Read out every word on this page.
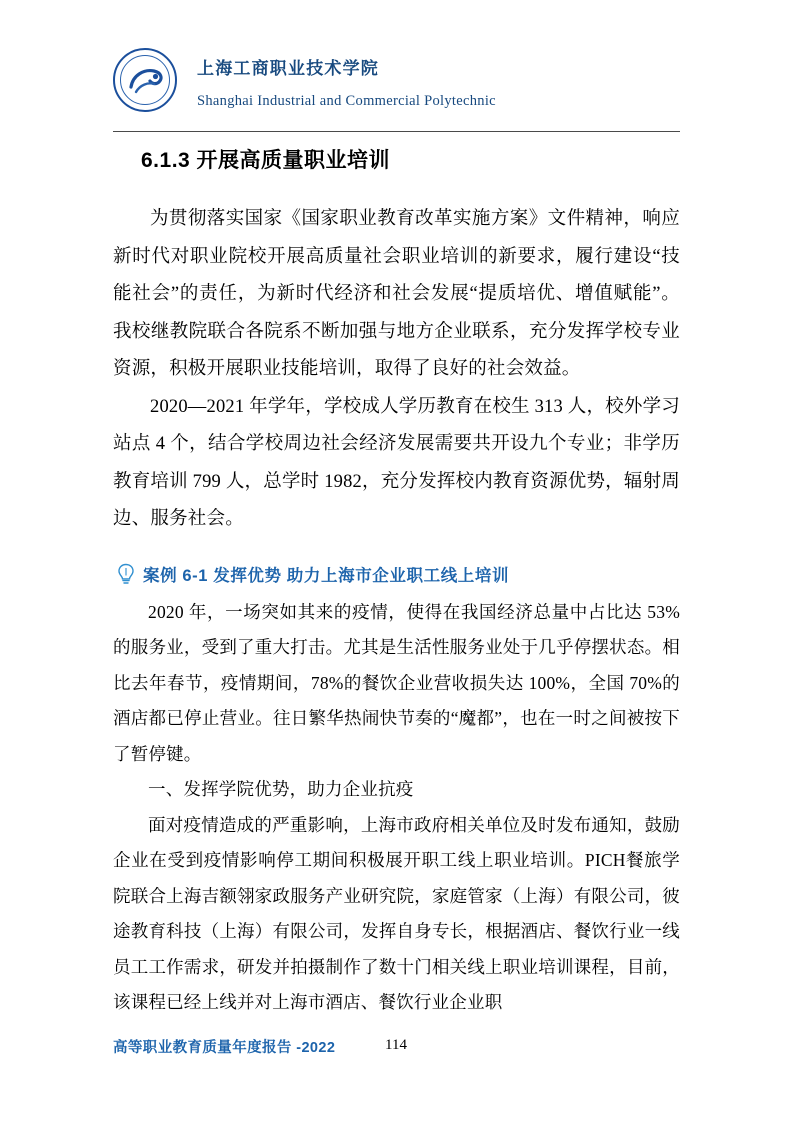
上海工商职业技术学院
Shanghai Industrial and Commercial Polytechnic
6.1.3 开展高质量职业培训

为贯彻落实国家《国家职业教育改革实施方案》文件精神，响应新时代对职业院校开展高质量社会职业培训的新要求，履行建设“技能社会”的责任，为新时代经济和社会发展“提质培优、增值赋能”。我校继教院联合各院系不断加强与地方企业联系，充分发挥学校专业资源，积极开展职业技能培训，取得了良好的社会效益。

2020—2021 年学年，学校成人学历教育在校生 313 人，校外学习站点 4 个，结合学校周边社会经济发展需要共开设九个专业；非学历教育培训 799 人，总学时 1982，充分发挥校内教育资源优势，辐射周边、服务社会。

案例 6-1 发挥优势 助力上海市企业职工线上培训

2020 年，一场突如其来的疫情，使得在我国经济总量中占比达 53%的服务业，受到了重大打击。尤其是生活性服务业处于几乎停摆状态。相比去年春节，疫情期间，78%的餐饮企业营收损失达 100%，全国 70%的酒店都已停止营业。往日繁华热闹快节奏的“魔都”，也在一时之间被按下了暂停键。

一、发挥学院优势，助力企业抗疫

面对疫情造成的严重影响，上海市政府相关单位及时发布通知，鼓励企业在受到疫情影响停工期间积极展开职工线上职业培训。PICH餐旅学院联合上海吉额翎家政服务产业研究院，家庭管家（上海）有限公司，彼途教育科技（上海）有限公司，发挥自身专长，根据酒店、餐饮行业一线员工工作需求，研发并拍摄制作了数十门相关线上职业培训课程，目前，该课程已经上线并对上海市酒店、餐饮行业企业职

高等职业教育质量年度报告 -2022	114
